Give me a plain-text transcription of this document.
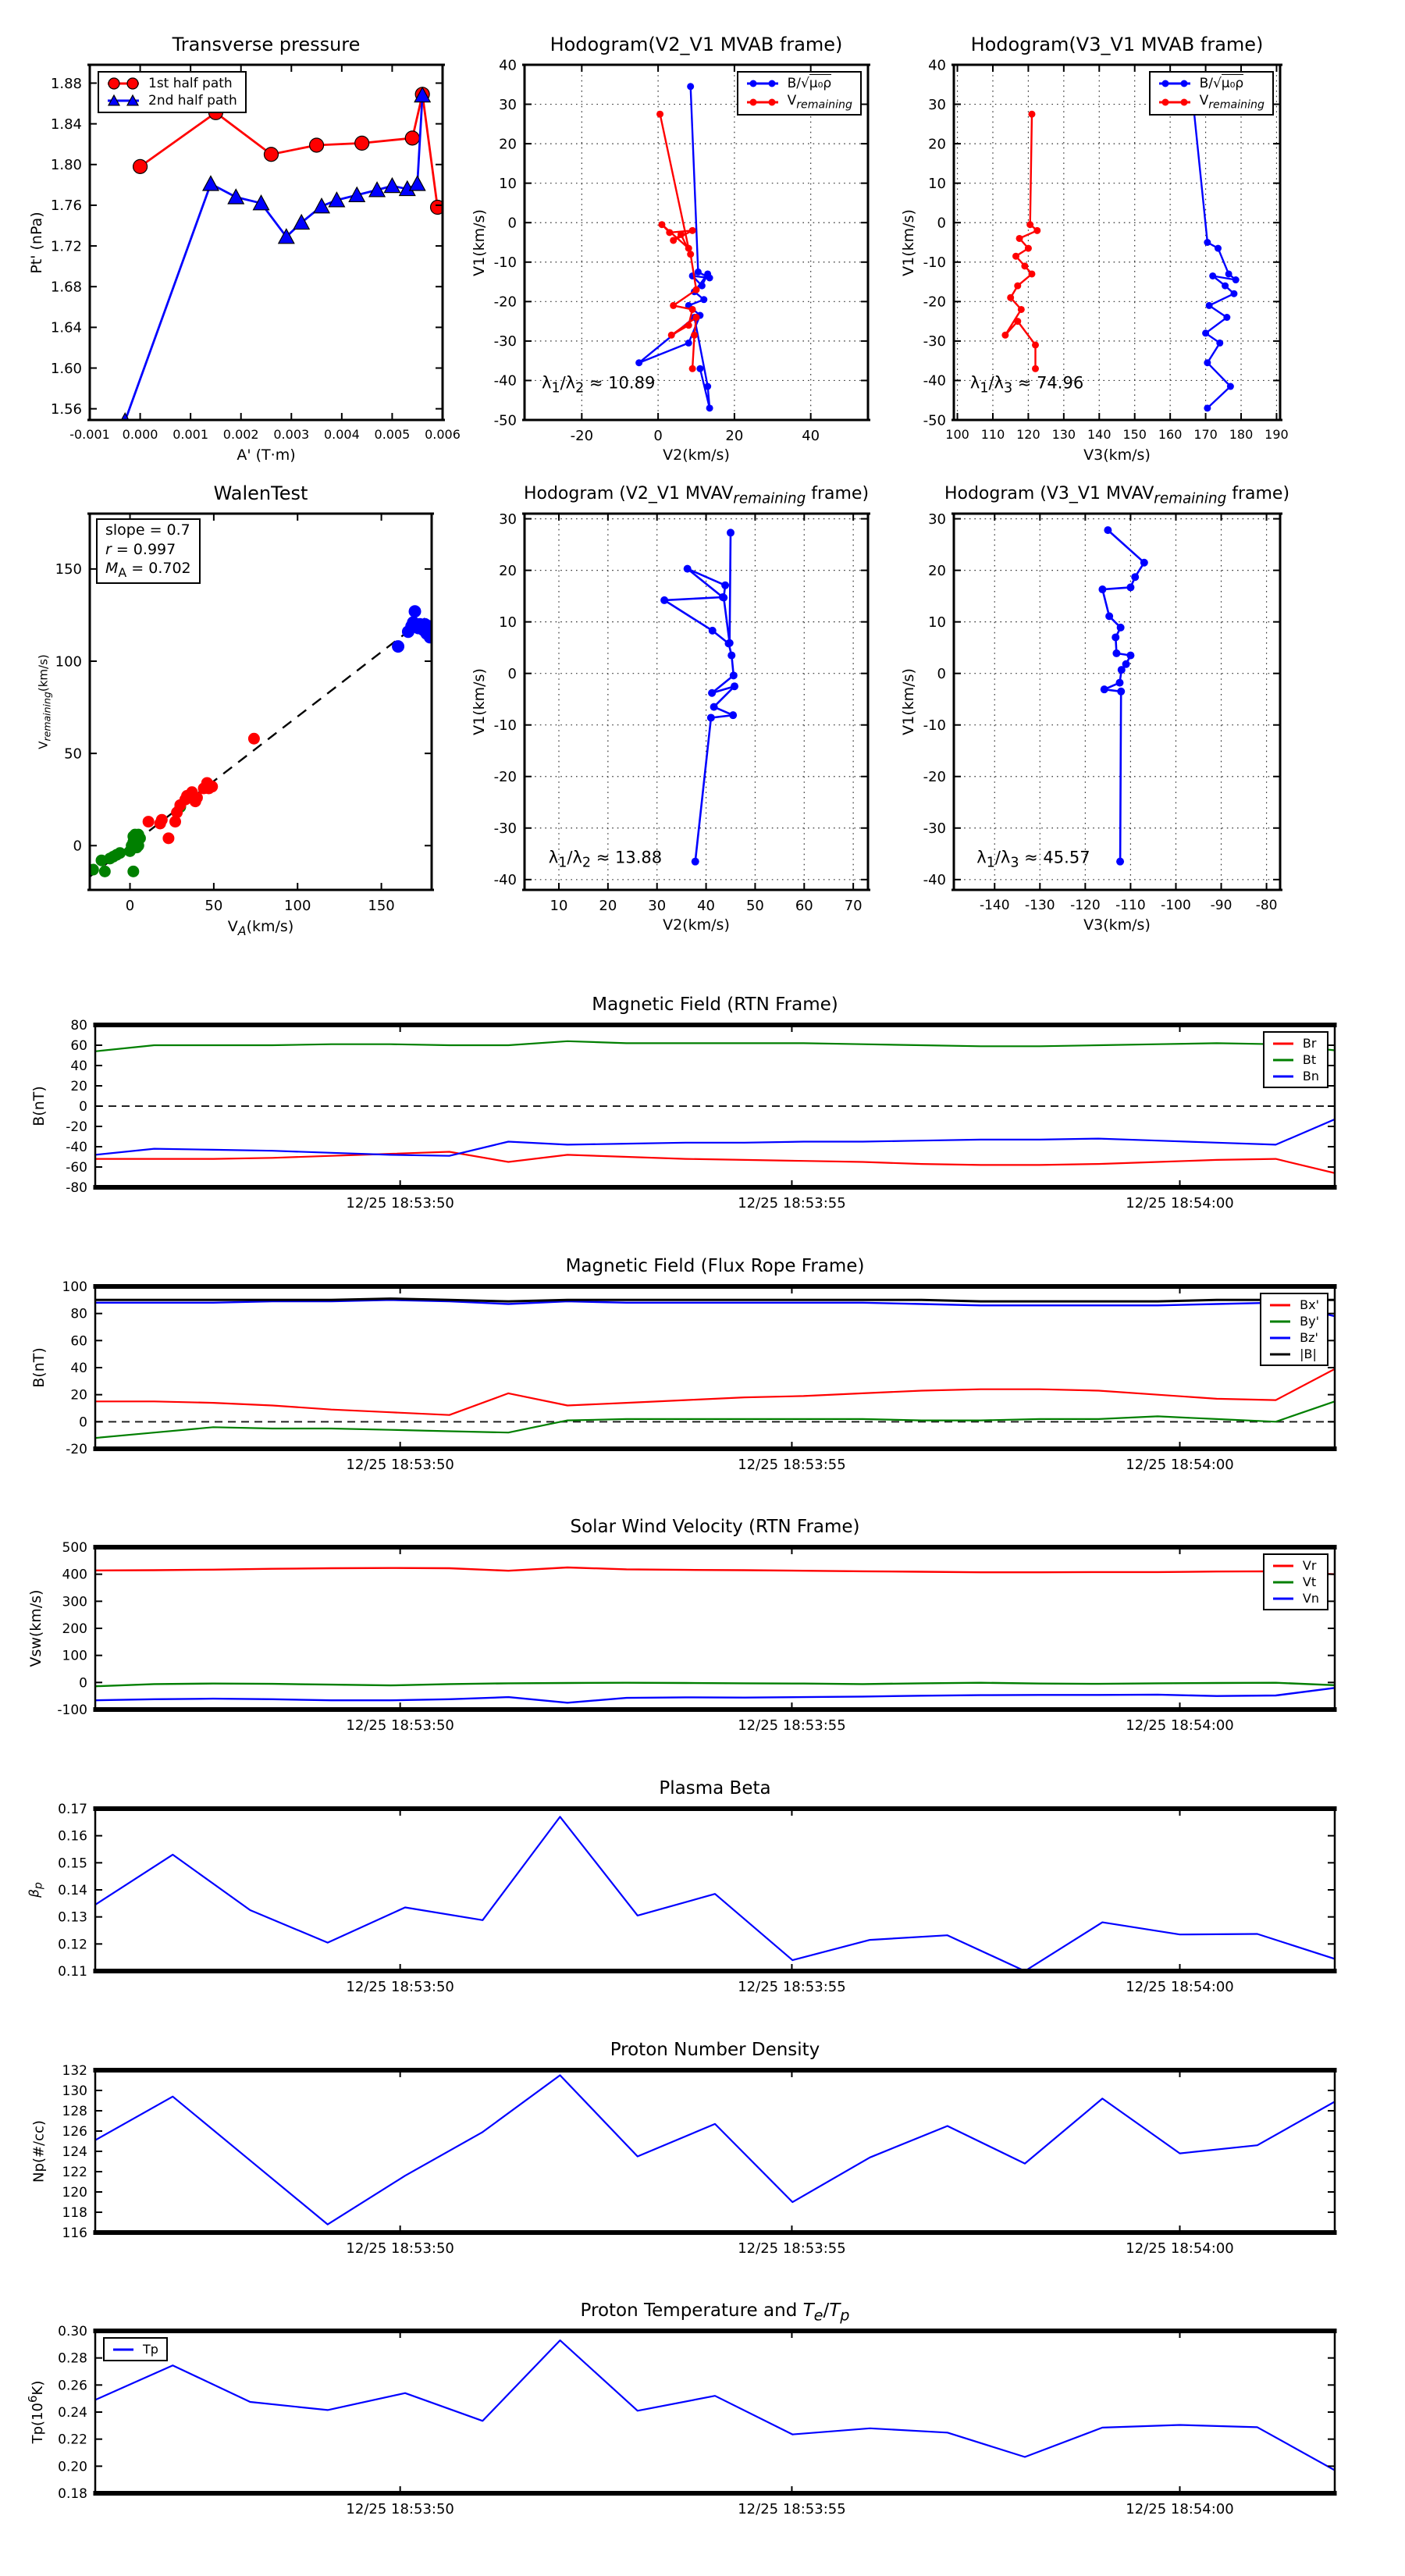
-0.001 0.000 0.001 0.002 0.003 0.004 0.005 0.006
1.56
1.60
1.64
1.68
1.72
1.76
1.80
1.84
1.88
Transverse pressure
A' (T·m)
Pt' (nPa)
1st half path
2nd half path
-20	0	20	40
-50
-40
-30
-20
-10
0
10
20
30
40
Hodogram(V2_V1 MVAB frame)
V2(km/s)
V1(km/s)
B/√μ₀ρ
$V_{remaining}$
$\lambda_1/\lambda_2 \approx 10.89$
100 110 120 130 140 150 160 170 180 190
-50
-40
-30
-20
-10
0
10
20
30
40
Hodogram(V3_V1 MVAB frame)
V3(km/s)
V1(km/s)
B/√μ₀ρ
$V_{remaining}$
$\lambda_1/\lambda_3 \approx 74.96$
0	50	100	150
0
50
100
150
WalenTest
$V_A(km/s)$
$V_{remaining}(km/s)$
slope = 0.7
r = 0.997
$M_A = 0.702$
10 20 30 40 50 60 70
-40
-30
-20
-10
0
10
20
30
Hodogram (V2_V1 $MVAV_{remaining}$ frame)
V2(km/s)
V1(km/s)
$\lambda_1/\lambda_2 \approx 13.88$
-140 -130 -120 -110 -100 -90 -80
-40
-30
-20
-10
0
10
20
30
Hodogram (V3_V1 $MVAV_{remaining}$ frame)
V3(km/s)
V1(km/s)
$\lambda_1/\lambda_3 \approx 45.57$
12/25 18:53:50	12/25 18:53:55	12/25 18:54:00
-80
-60
-40
-20
0
20
40
60
80
Magnetic Field (RTN Frame)
B(nT)
Br
Bt
Bn
12/25 18:53:50	12/25 18:53:55	12/25 18:54:00
-20
0
20
40
60
80
100
Magnetic Field (Flux Rope Frame)
B(nT)
Bx'
By'
Bz'
|B|
12/25 18:53:50	12/25 18:53:55	12/25 18:54:00
-100
0
100
200
300
400
500
Solar Wind Velocity (RTN Frame)
Vsw(km/s)
Vr
Vt
Vn
12/25 18:53:50	12/25 18:53:55	12/25 18:54:00
0.11
0.12
0.13
0.14
0.15
0.16
0.17
Plasma Beta
$\beta_p$
12/25 18:53:50	12/25 18:53:55	12/25 18:54:00
116
118
120
122
124
126
128
130
132
Proton Number Density
Np(#/cc)
12/25 18:53:50	12/25 18:53:55	12/25 18:54:00
0.18
0.20
0.22
0.24
0.26
0.28
0.30
Proton Temperature and $T_e/T_p$
$Tp(10^6K)$
Tp
